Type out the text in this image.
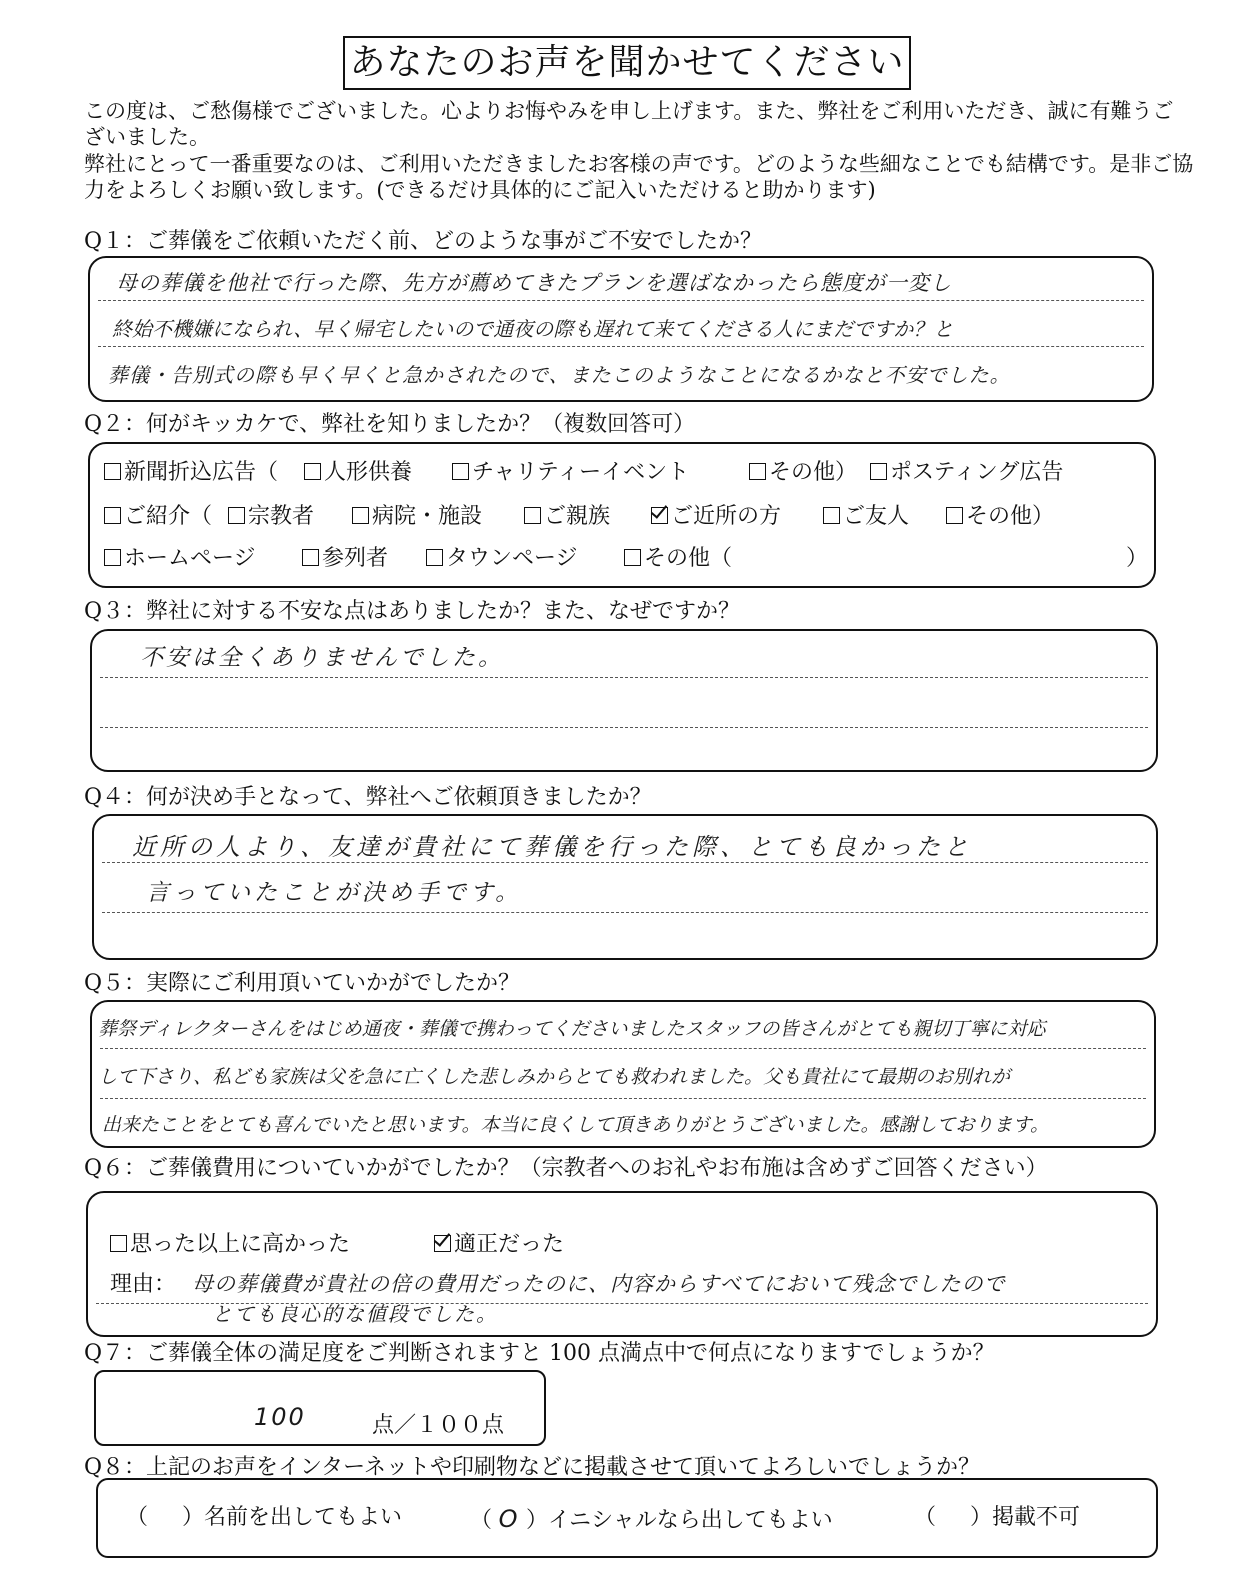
あなたのお声を聞かせてください

この度は、ご愁傷様でございました。心よりお悔やみを申し上げます。また、弊社をご利用いただき、誠に有難うございました。

弊社にとって一番重要なのは、ご利用いただきましたお客様の声です。どのような些細なことでも結構です。是非ご協力をよろしくお願い致します。(できるだけ具体的にご記入いただけると助かります)

Q１：ご葬儀をご依頼いただく前、どのような事がご不安でしたか？
母の葬儀を他社で行った際、先方が薦めてきたプランを選ばなかったら態度が一変し
終始不機嫌になられ、早く帰宅したいので通夜の際も遅れて来てくださる人にまだですか？と
葬儀・告別式の際も早く早くと急かされたので、またこのようなことになるかなと不安でした。
Q２：何がキッカケで、弊社を知りましたか？（複数回答可）
新聞折込広告（	人形供養	チャリティーイベント	その他）	ポスティング広告
ご紹介（	宗教者	病院・施設	ご親族	ご近所の方	ご友人	その他）
ホームページ	参列者	タウンページ	その他（	）
Q３：弊社に対する不安な点はありましたか？また、なぜですか？
不安は全くありませんでした。
Q４：何が決め手となって、弊社へご依頼頂きましたか？
近所の人より、友達が貴社にて葬儀を行った際、とても良かったと
言っていたことが決め手です。
Q５：実際にご利用頂いていかがでしたか？
葬祭ディレクターさんをはじめ通夜・葬儀で携わってくださいましたスタッフの皆さんがとても親切丁寧に対応
して下さり、私ども家族は父を急に亡くした悲しみからとても救われました。父も貴社にて最期のお別れが
出来たことをとても喜んでいたと思います。本当に良くして頂きありがとうございました。感謝しております。
Q６：ご葬儀費用についていかがでしたか？（宗教者へのお礼やお布施は含めずご回答ください）
思った以上に高かった	適正だった
理由： 母の葬儀費が貴社の倍の費用だったのに、内容からすべてにおいて残念でしたので
とても良心的な値段でした。
Q７：ご葬儀全体の満足度をご判断されますと 100 点満点中で何点になりますでしょうか？
100	点／１００点
Q８：上記のお声をインターネットや印刷物などに掲載させて頂いてよろしいでしょうか？
（ ）名前を出してもよい	（ O ）イニシャルなら出してもよい	（ ）掲載不可
